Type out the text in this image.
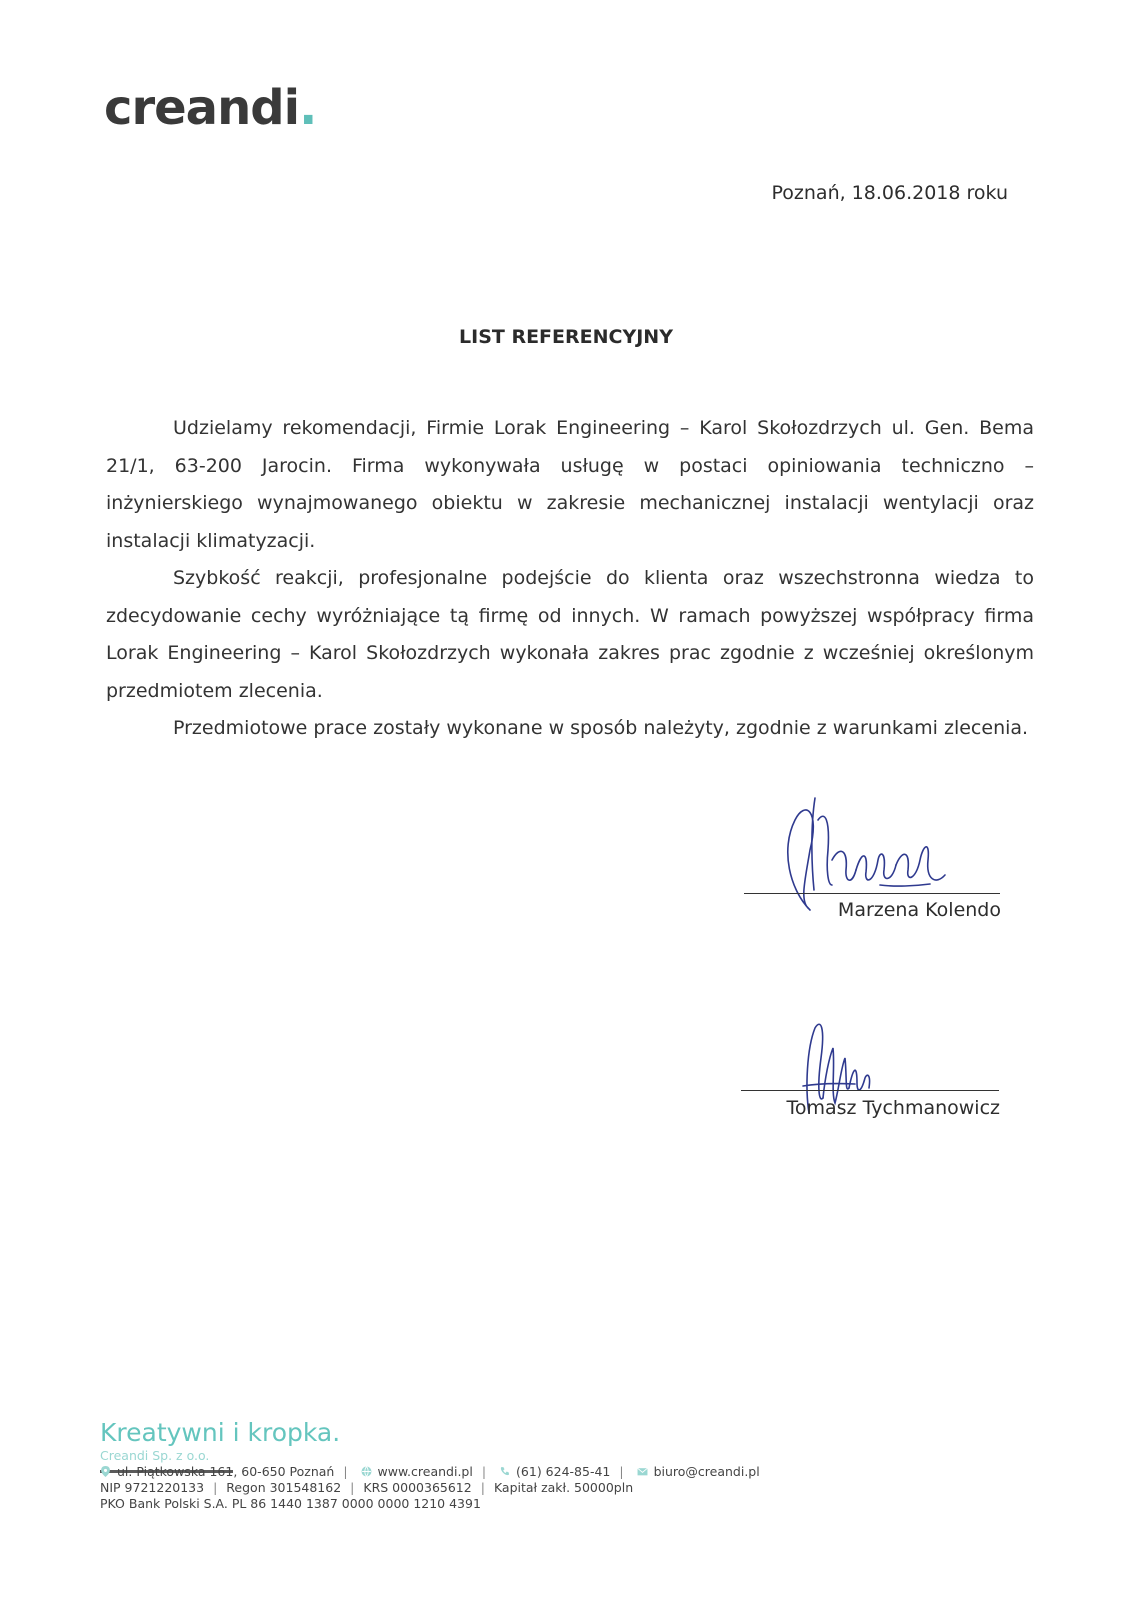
creandi.
Poznań, 18.06.2018 roku
LIST REFERENCYJNY

Udzielamy rekomendacji, Firmie Lorak Engineering – Karol Skołozdrzych ul. Gen. Bema 21/1, 63-200 Jarocin. Firma wykonywała usługę w postaci opiniowania techniczno – inżynierskiego wynajmowanego obiektu w zakresie mechanicznej instalacji wentylacji oraz instalacji klimatyzacji.

Szybkość reakcji, profesjonalne podejście do klienta oraz wszechstronna wiedza to zdecydowanie cechy wyróżniające tą firmę od innych. W ramach powyższej współpracy firma Lorak Engineering – Karol Skołozdrzych wykonała zakres prac zgodnie z wcześniej określonym przedmiotem zlecenia.

Przedmiotowe prace zostały wykonane w sposób należyty, zgodnie z warunkami zlecenia.

Marzena Kolendo
Tomasz Tychmanowicz
Kreatywni i kropka.
Creandi Sp. z o.o.
ul. Piątkowska 161, 60-650 Poznań | www.creandi.pl | (61) 624-85-41 | biuro@creandi.pl
NIP 9721220133 | Regon 301548162 | KRS 0000365612 | Kapitał zakł. 50000pln
PKO Bank Polski S.A. PL 86 1440 1387 0000 0000 1210 4391
